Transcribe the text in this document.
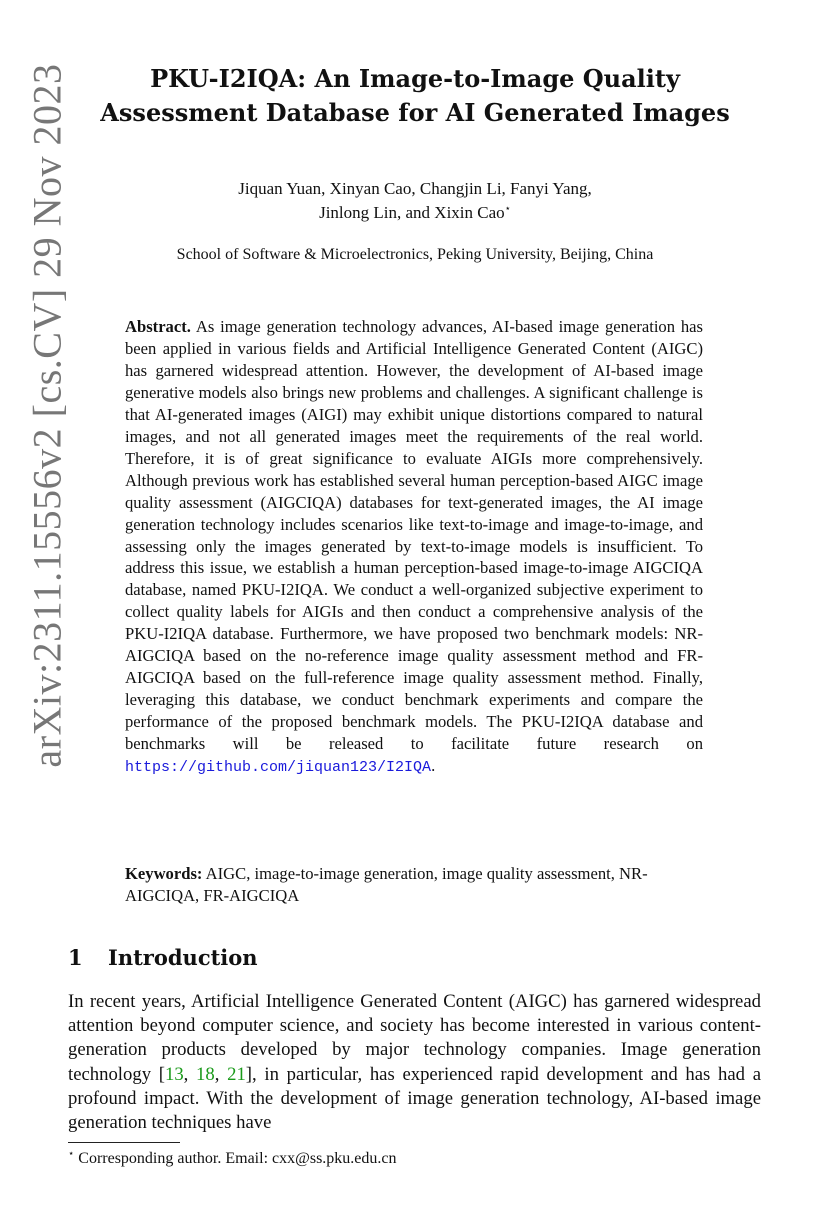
arXiv:2311.15556v2 [cs.CV] 29 Nov 2023	PKU-I2IQA: An Image-to-Image Quality
Assessment Database for AI Generated Images
Jiquan Yuan, Xinyan Cao, Changjin Li, Fanyi Yang,
Jinlong Lin, and Xixin Cao⋆
School of Software & Microelectronics, Peking University, Beijing, China

Abstract. As image generation technology advances, AI-based image generation has been applied in various fields and Artificial Intelligence Generated Content (AIGC) has garnered widespread attention. However, the development of AI-based image generative models also brings new problems and challenges. A significant challenge is that AI-generated images (AIGI) may exhibit unique distortions compared to natural images, and not all generated images meet the requirements of the real world. Therefore, it is of great significance to evaluate AIGIs more comprehensively. Although previous work has established several human perception-based AIGC image quality assessment (AIGCIQA) databases for text-generated images, the AI image generation technology includes scenarios like text-to-image and image-to-image, and assessing only the images generated by text-to-image models is insufficient. To address this issue, we establish a human perception-based image-to-image AIGCIQA database, named PKU-I2IQA. We conduct a well-organized subjective experiment to collect quality labels for AIGIs and then conduct a comprehensive analysis of the PKU-I2IQA database. Furthermore, we have proposed two benchmark models: NR-AIGCIQA based on the no-reference image quality assessment method and FR-AIGCIQA based on the full-reference image quality assessment method. Finally, leveraging this database, we conduct benchmark experiments and compare the performance of the proposed benchmark models. The PKU-I2IQA database and benchmarks will be released to facilitate future research on https://github.com/jiquan123/I2IQA.

Keywords: AIGC, image-to-image generation, image quality assessment, NR-AIGCIQA, FR-AIGCIQA

1	Introduction

In recent years, Artificial Intelligence Generated Content (AIGC) has garnered widespread attention beyond computer science, and society has become interested in various content-generation products developed by major technology companies. Image generation technology [13, 18, 21], in particular, has experienced rapid development and has had a profound impact. With the development of image generation technology, AI-based image generation techniques have

⋆ Corresponding author. Email: cxx@ss.pku.edu.cn
